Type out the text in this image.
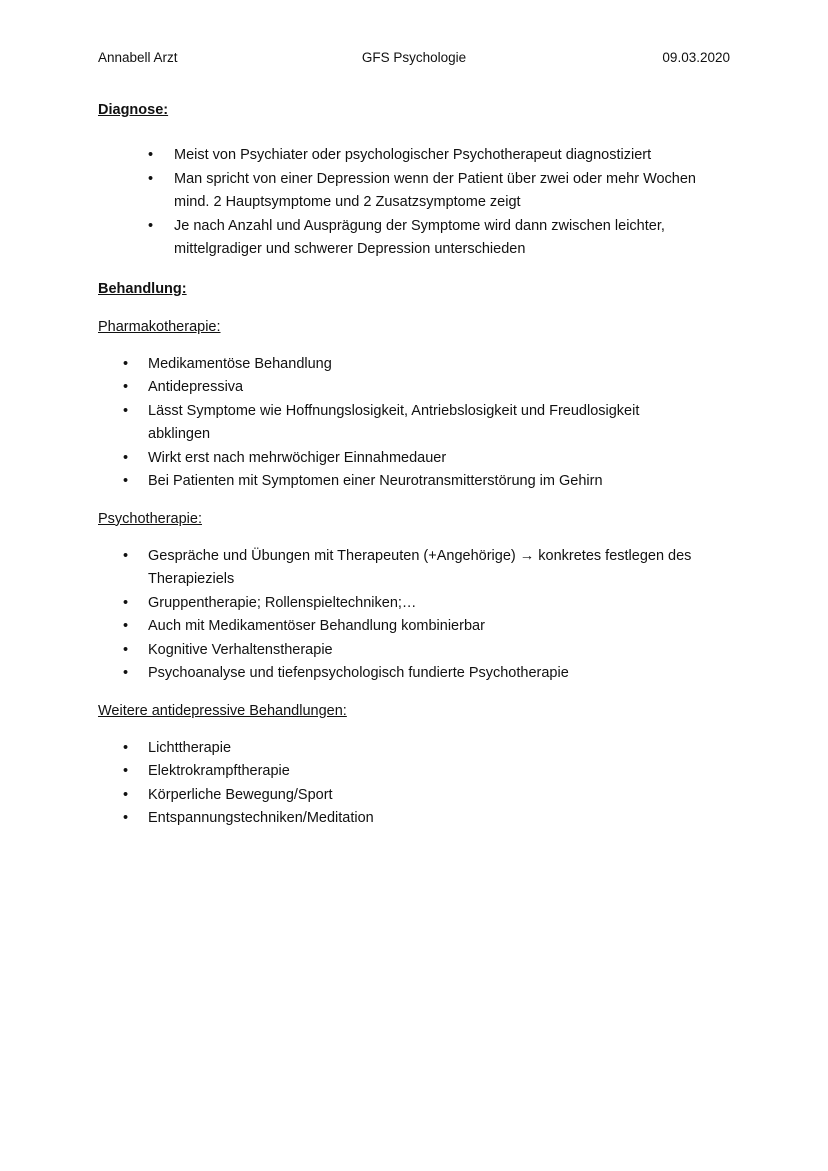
Annabell Arzt	GFS Psychologie	09.03.2020
Diagnose:
• Meist von Psychiater oder psychologischer Psychotherapeut diagnostiziert
• Man spricht von einer Depression wenn der Patient über zwei oder mehr Wochen mind. 2 Hauptsymptome und 2 Zusatzsymptome zeigt
• Je nach Anzahl und Ausprägung der Symptome wird dann zwischen leichter, mittelgradiger und schwerer Depression unterschieden
Behandlung:
Pharmakotherapie:
• Medikamentöse Behandlung
• Antidepressiva
• Lässt Symptome wie Hoffnungslosigkeit, Antriebslosigkeit und Freudlosigkeit abklingen
• Wirkt erst nach mehrwöchiger Einnahmedauer
• Bei Patienten mit Symptomen einer Neurotransmitterstörung im Gehirn
Psychotherapie:
• Gespräche und Übungen mit Therapeuten (+Angehörige) → konkretes festlegen des Therapieziels
• Gruppentherapie; Rollenspieltechniken;…
• Auch mit Medikamentöser Behandlung kombinierbar
• Kognitive Verhaltenstherapie
• Psychoanalyse und tiefenpsychologisch fundierte Psychotherapie
Weitere antidepressive Behandlungen:
• Lichttherapie
• Elektrokrampftherapie
• Körperliche Bewegung/Sport
• Entspannungstechniken/Meditation
